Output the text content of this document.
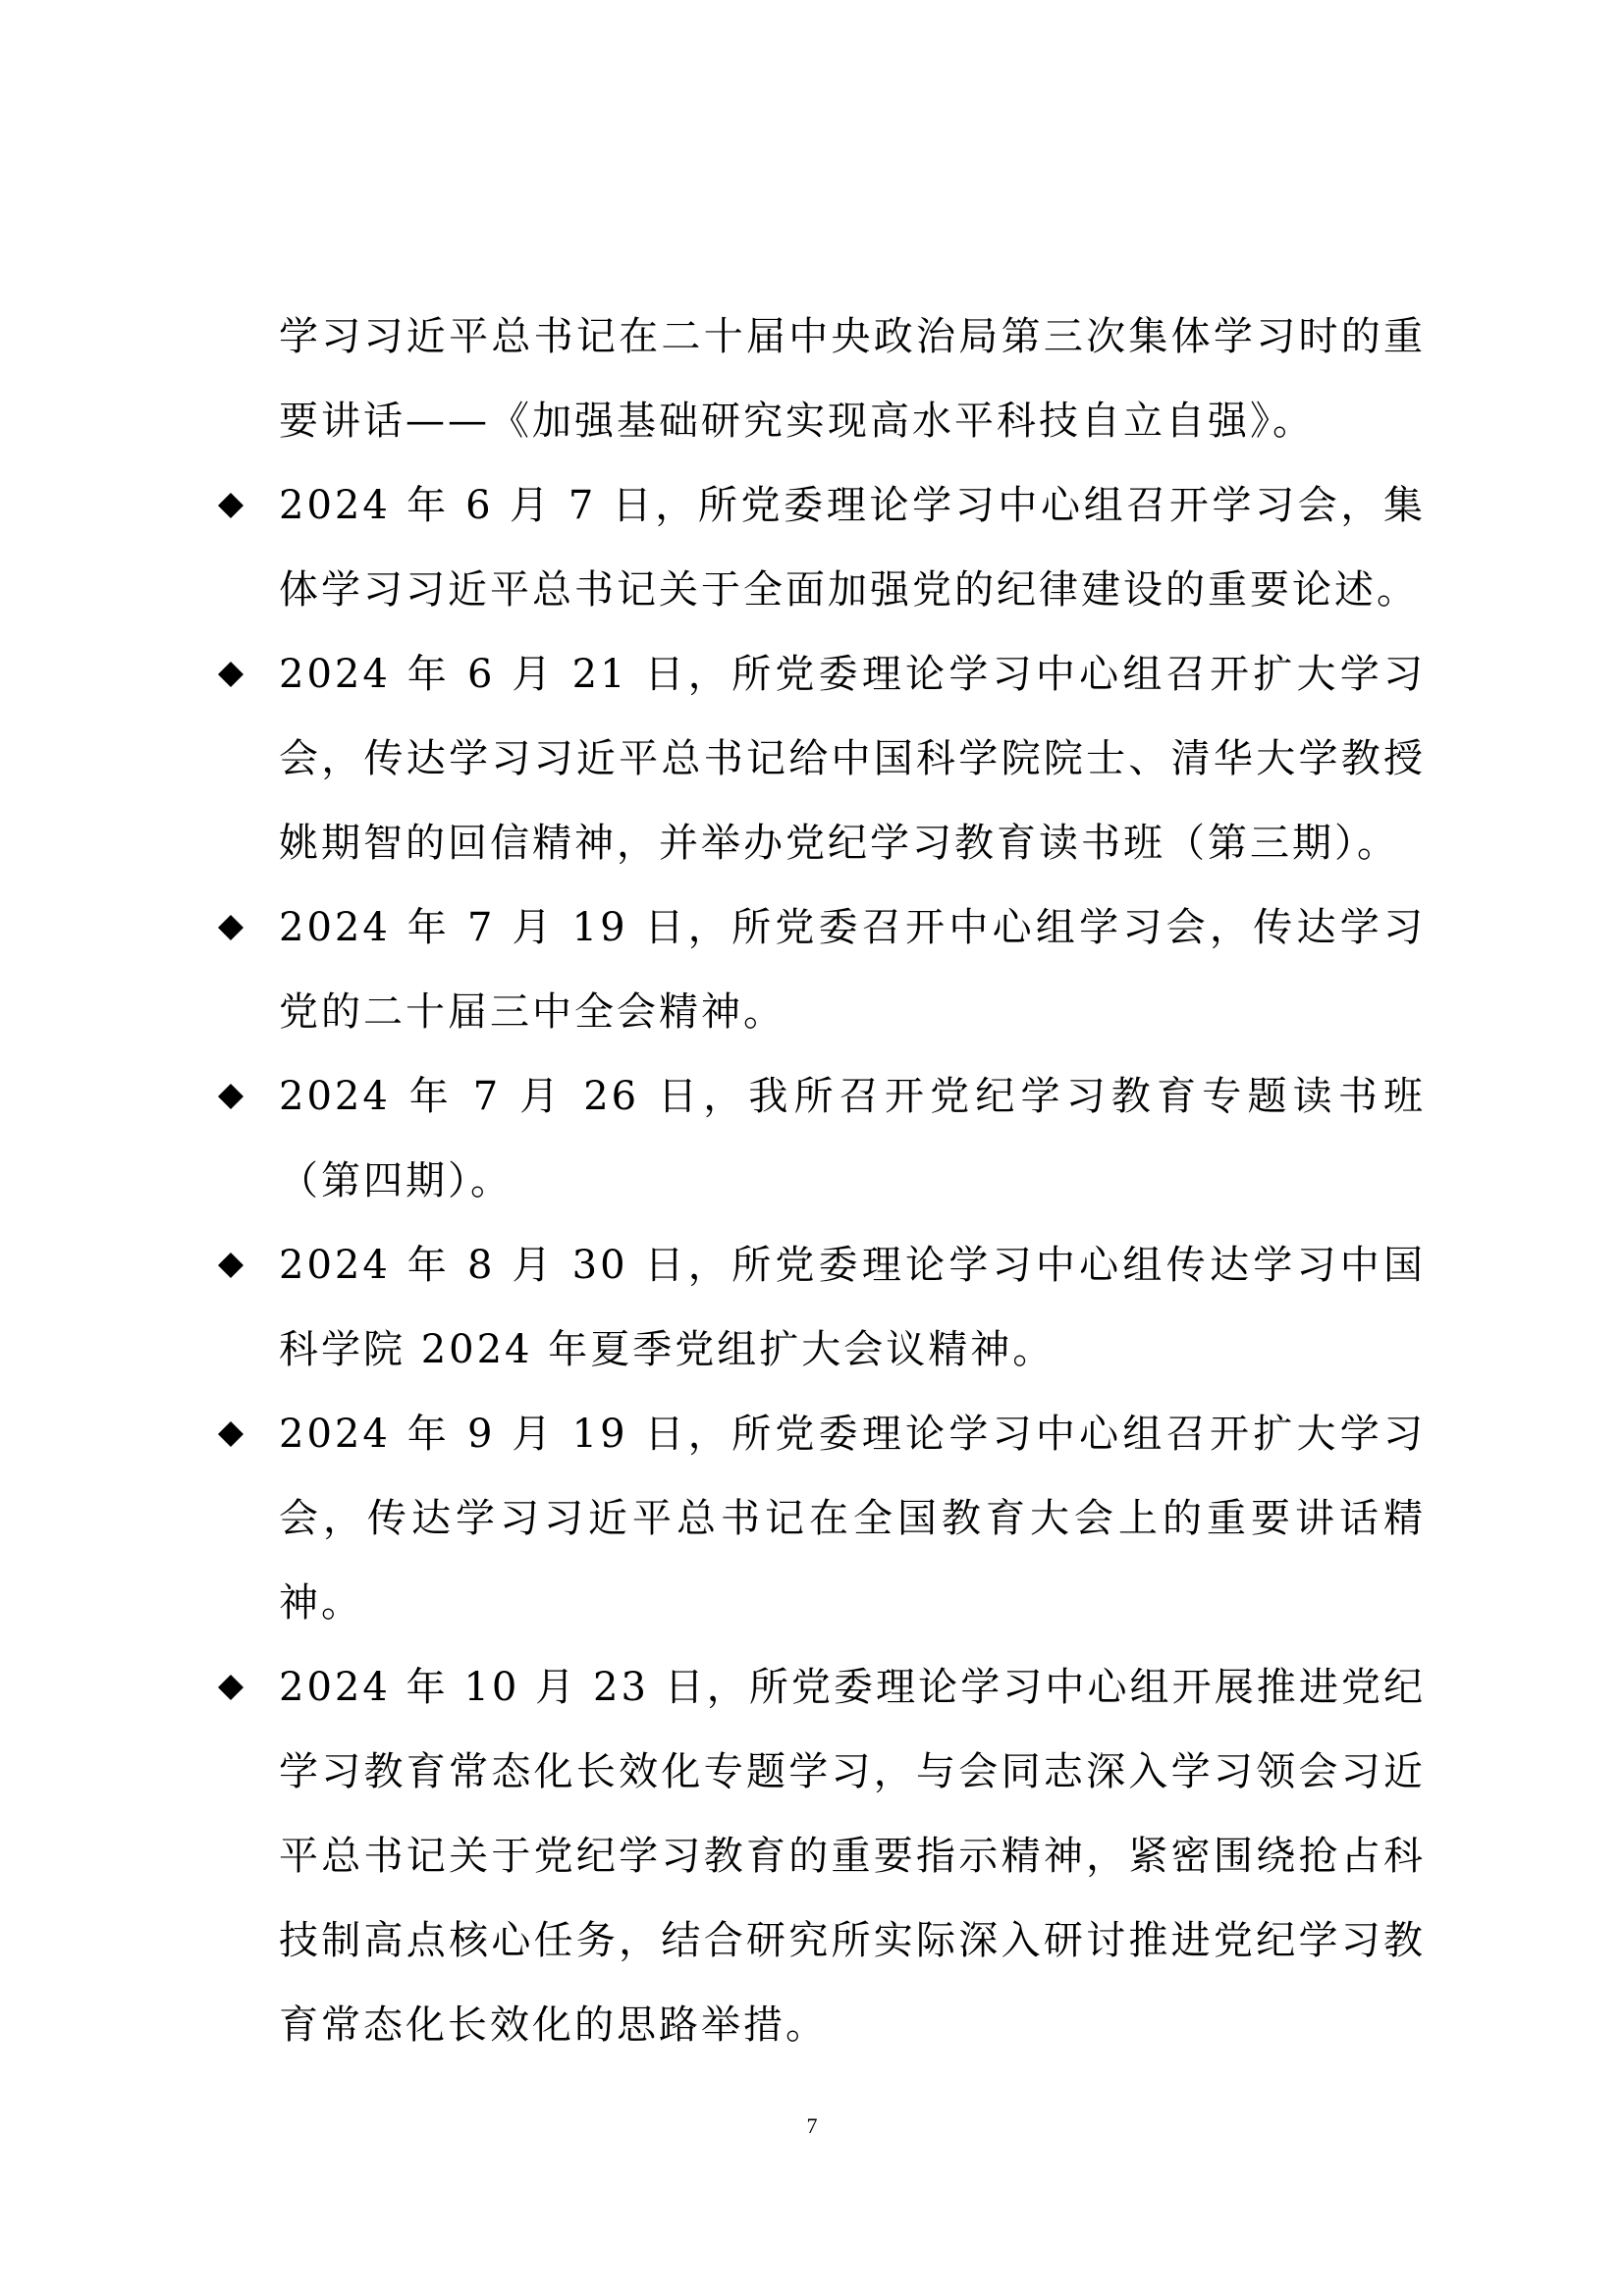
学习习近平总书记在二十届中央政治局第三次集体学习时的重要讲话——《加强基础研究实现高水平科技自立自强》。
2024 年 6 月 7 日，所党委理论学习中心组召开学习会，集体学习习近平总书记关于全面加强党的纪律建设的重要论述。
2024 年 6 月 21 日，所党委理论学习中心组召开扩大学习会，传达学习习近平总书记给中国科学院院士、清华大学教授姚期智的回信精神，并举办党纪学习教育读书班（第三期）。
2024 年 7 月 19 日，所党委召开中心组学习会，传达学习党的二十届三中全会精神。
2024 年 7 月 26 日，我所召开党纪学习教育专题读书班（第四期）。
2024 年 8 月 30 日，所党委理论学习中心组传达学习中国科学院 2024 年夏季党组扩大会议精神。
2024 年 9 月 19 日，所党委理论学习中心组召开扩大学习会，传达学习习近平总书记在全国教育大会上的重要讲话精神。
2024 年 10 月 23 日，所党委理论学习中心组开展推进党纪学习教育常态化长效化专题学习，与会同志深入学习领会习近平总书记关于党纪学习教育的重要指示精神，紧密围绕抢占科技制高点核心任务，结合研究所实际深入研讨推进党纪学习教育常态化长效化的思路举措。
7
